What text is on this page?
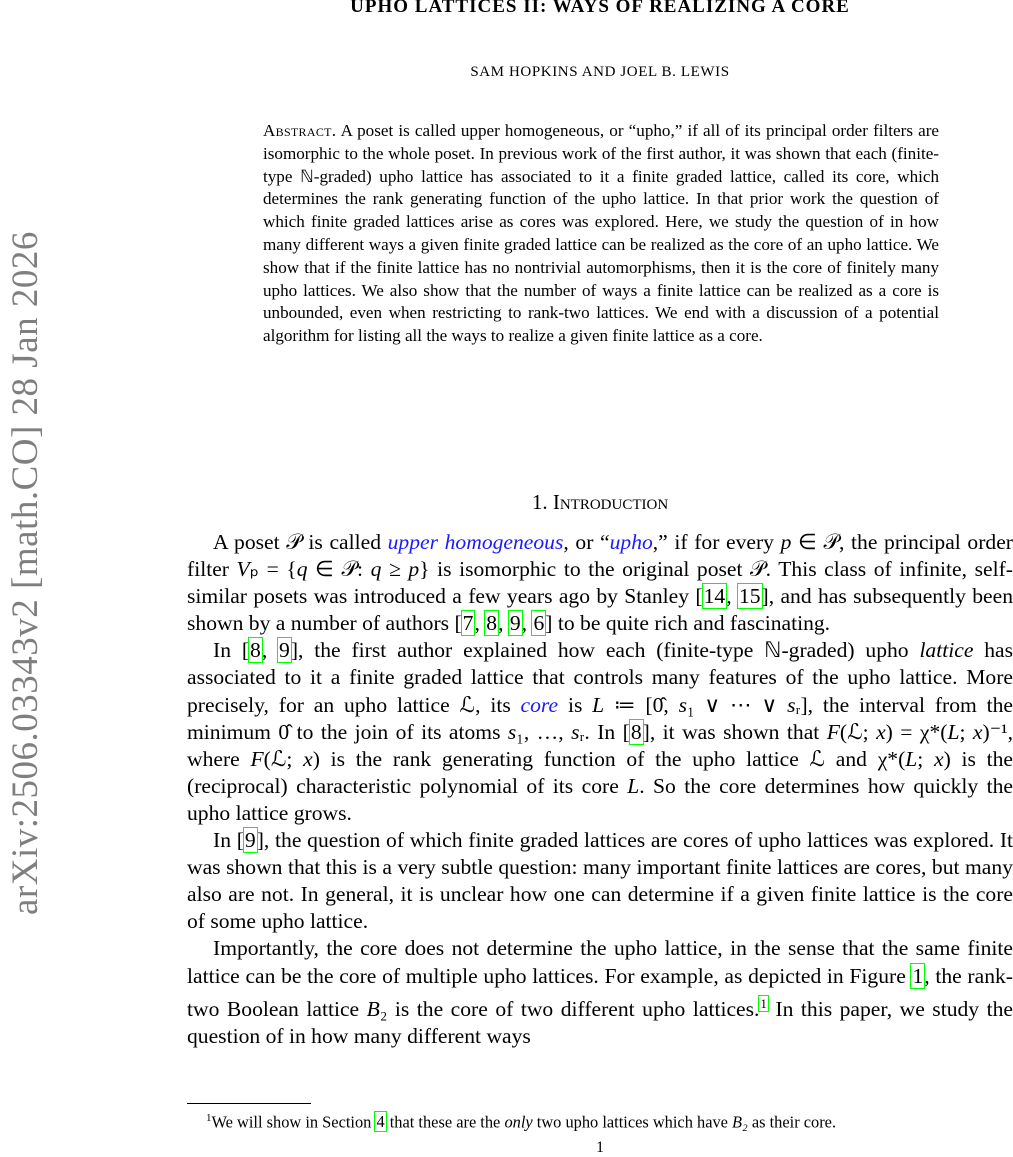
arXiv:2506.03343v2 [math.CO] 28 Jan 2026
UPHO LATTICES II: WAYS OF REALIZING A CORE
SAM HOPKINS AND JOEL B. LEWIS
Abstract. A poset is called upper homogeneous, or “upho,” if all of its principal order filters are isomorphic to the whole poset. In previous work of the first author, it was shown that each (finite-type ℕ-graded) upho lattice has associated to it a finite graded lattice, called its core, which determines the rank generating function of the upho lattice. In that prior work the question of which finite graded lattices arise as cores was explored. Here, we study the question of in how many different ways a given finite graded lattice can be realized as the core of an upho lattice. We show that if the finite lattice has no nontrivial automorphisms, then it is the core of finitely many upho lattices. We also show that the number of ways a finite lattice can be realized as a core is unbounded, even when restricting to rank-two lattices. We end with a discussion of a potential algorithm for listing all the ways to realize a given finite lattice as a core.
1. Introduction

A poset 𝒫 is called upper homogeneous, or “upho,” if for every p ∈ 𝒫, the principal order filter Vₚ = {q ∈ 𝒫: q ≥ p} is isomorphic to the original poset 𝒫. This class of infinite, self-similar posets was introduced a few years ago by Stanley [14, 15], and has subsequently been shown by a number of authors [7, 8, 9, 6] to be quite rich and fascinating.

In [8, 9], the first author explained how each (finite-type ℕ-graded) upho lattice has associated to it a finite graded lattice that controls many features of the upho lattice. More precisely, for an upho lattice ℒ, its core is L ≔ [0̂, s₁ ∨ ⋯ ∨ sᵣ], the interval from the minimum 0̂ to the join of its atoms s₁, …, sᵣ. In [8], it was shown that F(ℒ; x) = χ*(L; x)⁻¹, where F(ℒ; x) is the rank generating function of the upho lattice ℒ and χ*(L; x) is the (reciprocal) characteristic polynomial of its core L. So the core determines how quickly the upho lattice grows.

In [9], the question of which finite graded lattices are cores of upho lattices was explored. It was shown that this is a very subtle question: many important finite lattices are cores, but many also are not. In general, it is unclear how one can determine if a given finite lattice is the core of some upho lattice.

Importantly, the core does not determine the upho lattice, in the sense that the same finite lattice can be the core of multiple upho lattices. For example, as depicted in Figure 1, the rank-two Boolean lattice B₂ is the core of two different upho lattices.$^1$ In this paper, we study the question of in how many different ways

$^1$We will show in Section 4 that these are the only two upho lattices which have B₂ as their core.
1
